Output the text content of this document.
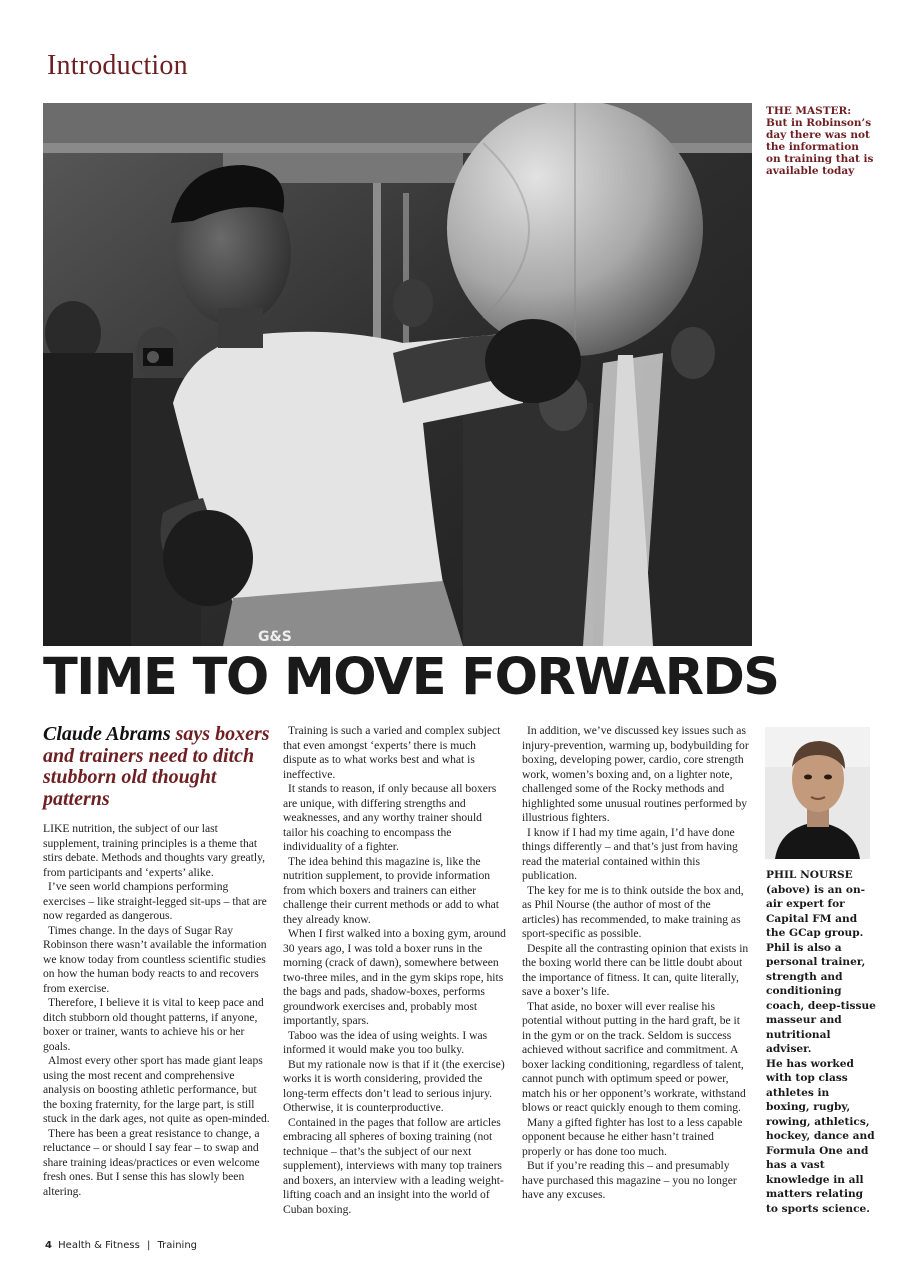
Introduction
G&S
THE MASTER: But in Robinson’s day there was not the information on training that is available today
TIME TO MOVE FORWARDS
Claude Abrams says boxers and trainers need to ditch stubborn old thought patterns

LIKE nutrition, the subject of our last supplement, training principles is a theme that stirs debate. Methods and thoughts vary greatly, from participants and ‘experts’ alike.

I’ve seen world champions performing exercises – like straight-legged sit-ups – that are now regarded as dangerous.

Times change. In the days of Sugar Ray Robinson there wasn’t available the information we know today from countless scientific studies on how the human body reacts to and recovers from exercise.

Therefore, I believe it is vital to keep pace and ditch stubborn old thought patterns, if anyone, boxer or trainer, wants to achieve his or her goals.

Almost every other sport has made giant leaps using the most recent and comprehensive analysis on boosting athletic performance, but the boxing fraternity, for the large part, is still stuck in the dark ages, not quite as open-minded.

There has been a great resistance to change, a reluctance – or should I say fear – to swap and share training ideas/practices or even welcome fresh ones. But I sense this has slowly been altering.

Training is such a varied and complex subject that even amongst ‘experts’ there is much dispute as to what works best and what is ineffective.

It stands to reason, if only because all boxers are unique, with differing strengths and weaknesses, and any worthy trainer should tailor his coaching to encompass the individuality of a fighter.

The idea behind this magazine is, like the nutrition supplement, to provide information from which boxers and trainers can either challenge their current methods or add to what they already know.

When I first walked into a boxing gym, around 30 years ago, I was told a boxer runs in the morning (crack of dawn), somewhere between two-three miles, and in the gym skips rope, hits the bags and pads, shadow-boxes, performs groundwork exercises and, probably most importantly, spars.

Taboo was the idea of using weights. I was informed it would make you too bulky.

But my rationale now is that if it (the exercise) works it is worth considering, provided the long-term effects don’t lead to serious injury. Otherwise, it is counterproductive.

Contained in the pages that follow are articles embracing all spheres of boxing training (not technique – that’s the subject of our next supplement), interviews with many top trainers and boxers, an interview with a leading weight-lifting coach and an insight into the world of Cuban boxing.

In addition, we’ve discussed key issues such as injury-prevention, warming up, bodybuilding for boxing, developing power, cardio, core strength work, women’s boxing and, on a lighter note, challenged some of the Rocky methods and highlighted some unusual routines performed by illustrious fighters.

I know if I had my time again, I’d have done things differently – and that’s just from having read the material contained within this publication.

The key for me is to think outside the box and, as Phil Nourse (the author of most of the articles) has recommended, to make training as sport-specific as possible.

Despite all the contrasting opinion that exists in the boxing world there can be little doubt about the importance of fitness. It can, quite literally, save a boxer’s life.

That aside, no boxer will ever realise his potential without putting in the hard graft, be it in the gym or on the track. Seldom is success achieved without sacrifice and commitment. A boxer lacking conditioning, regardless of talent, cannot punch with optimum speed or power, match his or her opponent’s workrate, withstand blows or react quickly enough to them coming.

Many a gifted fighter has lost to a less capable opponent because he either hasn’t trained properly or has done too much.

But if you’re reading this – and presumably have purchased this magazine – you no longer have any excuses.

PHIL NOURSE (above) is an on-air expert for Capital FM and the GCap group. Phil is also a personal trainer, strength and conditioning coach, deep-tissue masseur and nutritional adviser.

He has worked with top class athletes in boxing, rugby, rowing, athletics, hockey, dance and Formula One and has a vast knowledge in all matters relating to sports science.

4 Health & Fitness | Training
